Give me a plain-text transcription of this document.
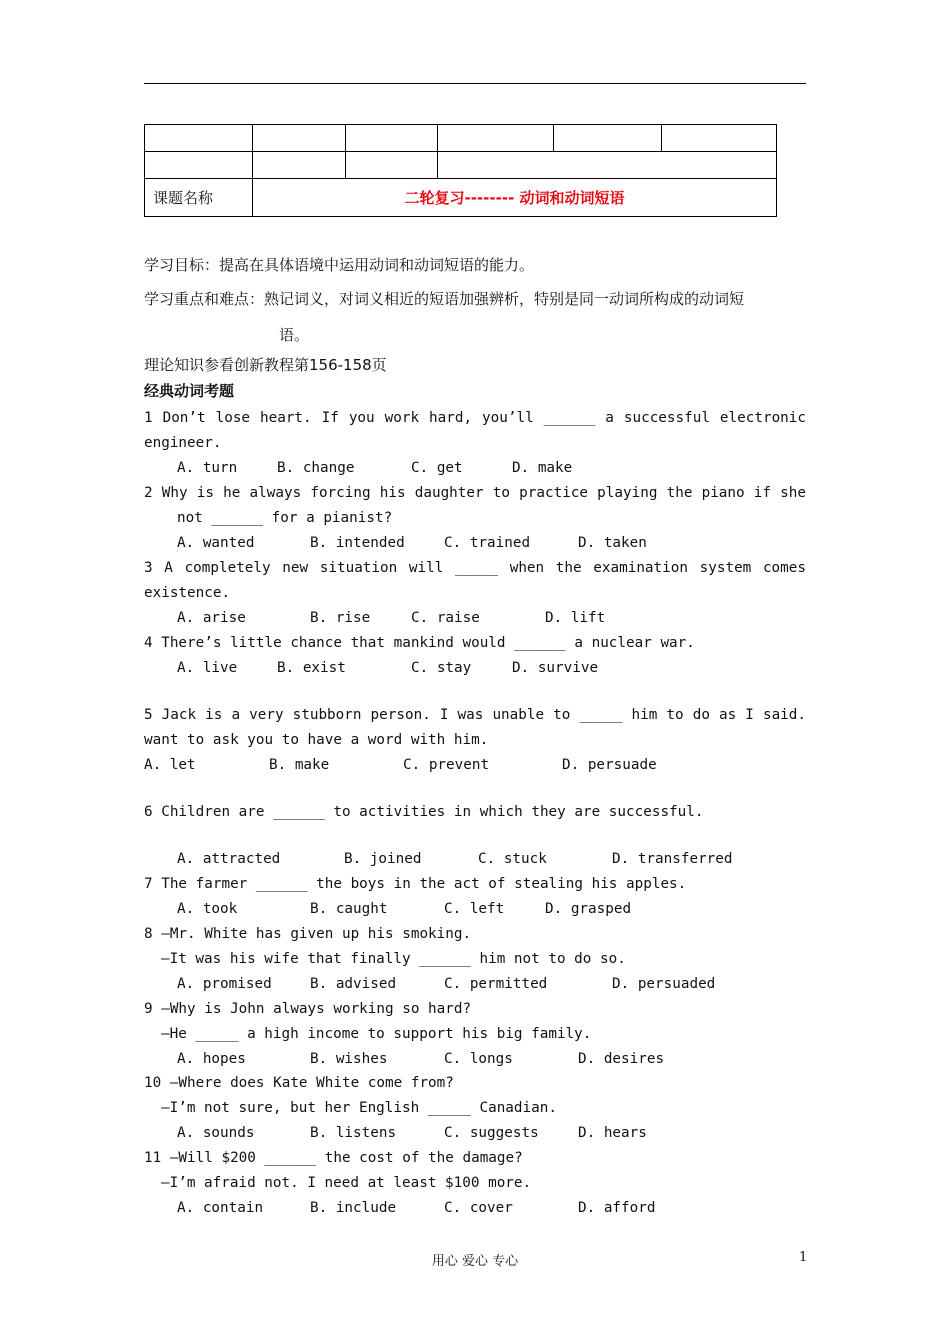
课题名称	二轮复习-------- 动词和动词短语				
学习目标：提高在具体语境中运用动词和动词短语的能力。
学习重点和难点：熟记词义，对词义相近的短语加强辨析，特别是同一动词所构成的动词短
语。
理论知识参看创新教程第156-158页
经典动词考题
1 Don’t lose heart. If you work hard, you’ll ______ a successful electronic
engineer.
A. turn	B. change	C. get	D. make
2 Why is he always forcing his daughter to practice playing the piano if she
not ______ for a pianist?
A. wanted	B. intended	C. trained	D. taken
3 A completely new situation will _____ when the examination system comes
existence.
A. arise	B. rise	C. raise	D. lift
4 There’s little chance that mankind would ______ a nuclear war.
A. live	B. exist	C. stay	D. survive
5 Jack is a very stubborn person. I was unable to _____ him to do as I said.
want to ask you to have a word with him.
A. let	B. make	C. prevent	D. persuade
6 Children are ______ to activities in which they are successful.
A. attracted	B. joined	C. stuck	D. transferred
7 The farmer ______ the boys in the act of stealing his apples.
A. took	B. caught	C. left	D. grasped
8 —Mr. White has given up his smoking.
—It was his wife that finally ______ him not to do so.
A. promised	B. advised	C. permitted	D. persuaded
9 —Why is John always working so hard?
—He _____ a high income to support his big family.
A. hopes	B. wishes	C. longs	D. desires
10 —Where does Kate White come from?
—I’m not sure, but her English _____ Canadian.
A. sounds	B. listens	C. suggests	D. hears
11 —Will $200 ______ the cost of the damage?
—I’m afraid not. I need at least $100 more.
A. contain	B. include	C. cover	D. afford
用心 爱心 专心	1
